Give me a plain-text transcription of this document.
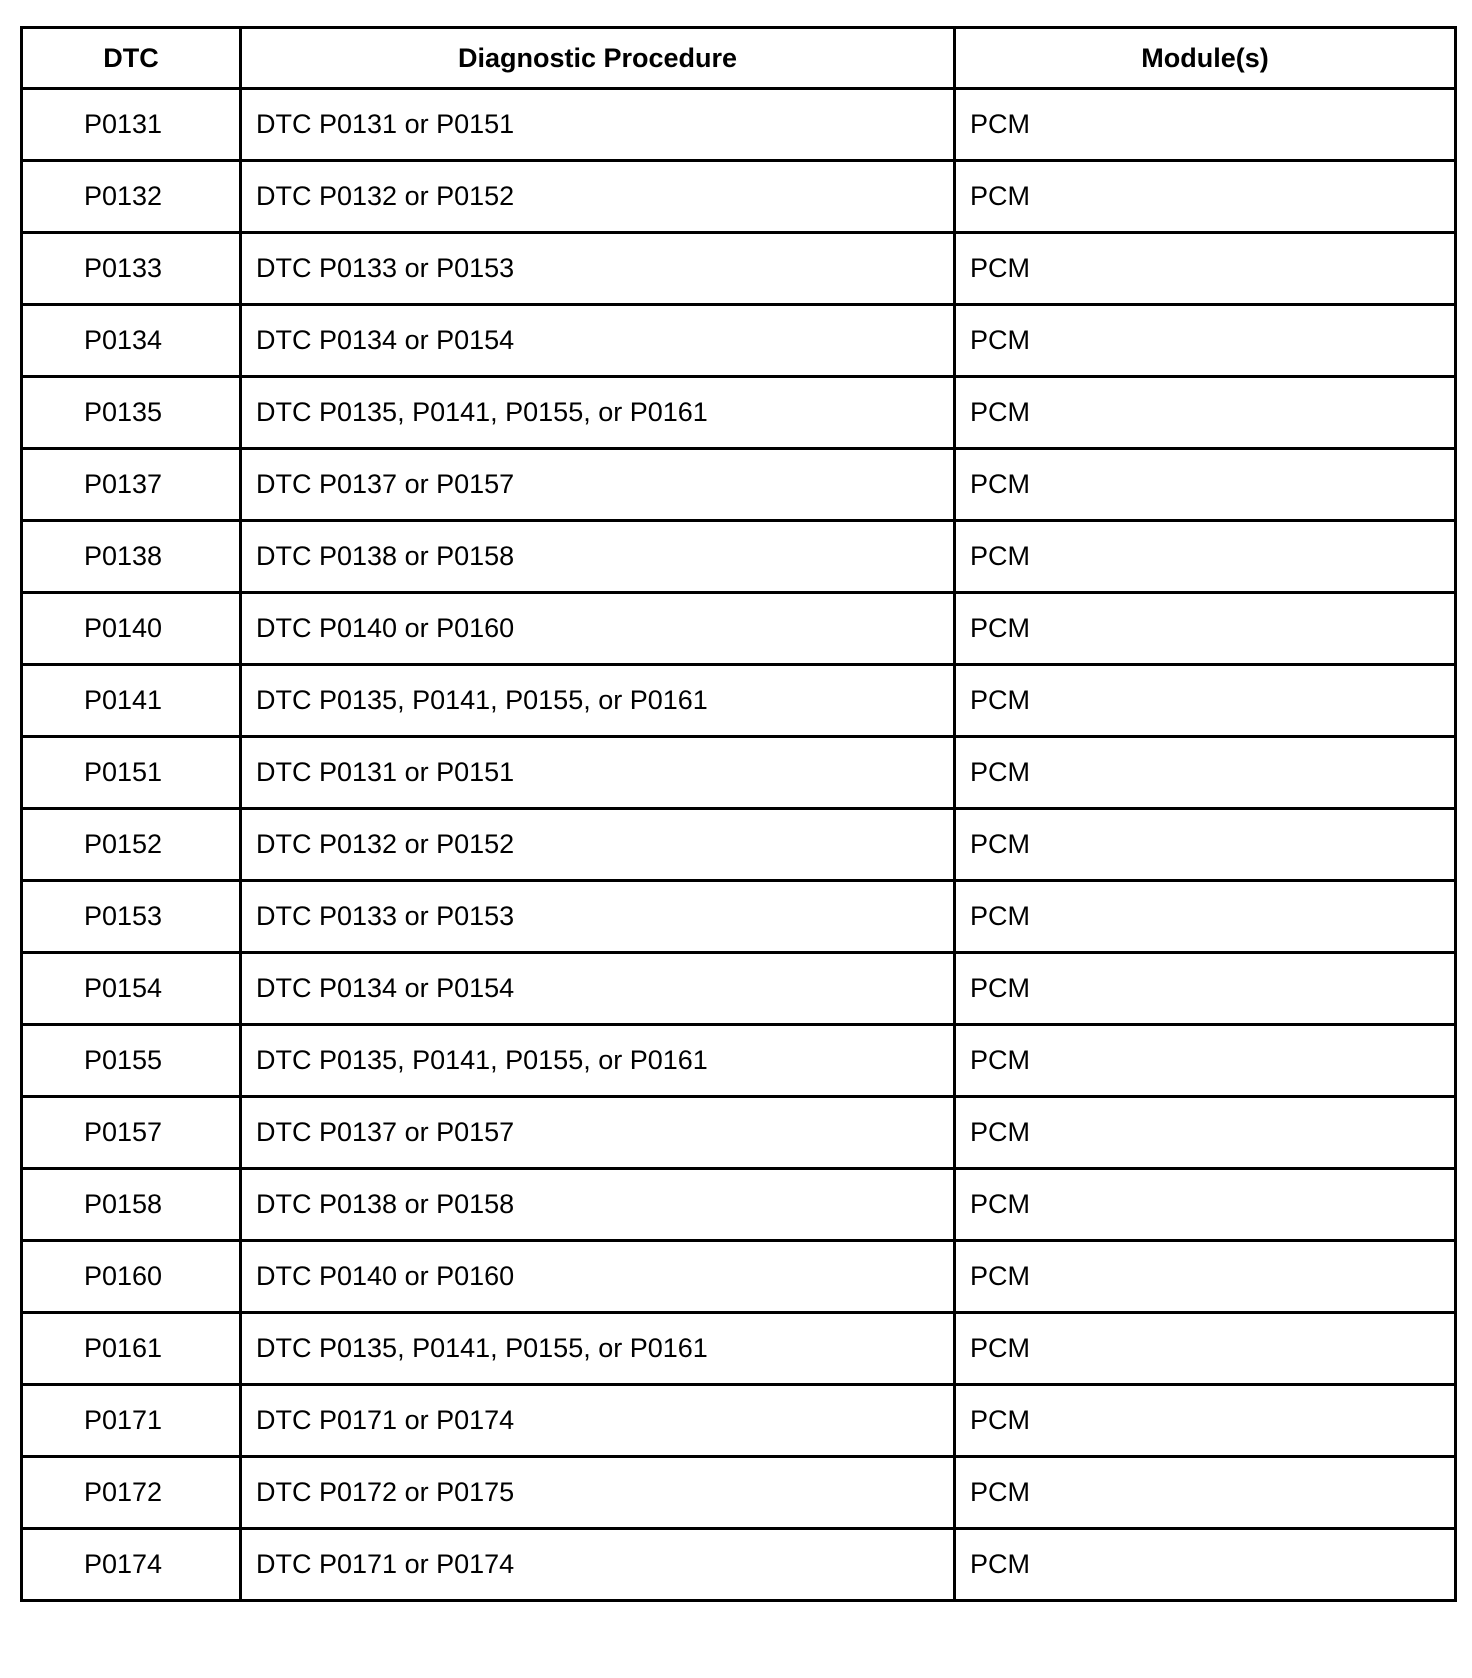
DTC	Diagnostic Procedure	Module(s)
P0131	DTC P0131 or P0151	PCM
P0132	DTC P0132 or P0152	PCM
P0133	DTC P0133 or P0153	PCM
P0134	DTC P0134 or P0154	PCM
P0135	DTC P0135, P0141, P0155, or P0161	PCM
P0137	DTC P0137 or P0157	PCM
P0138	DTC P0138 or P0158	PCM
P0140	DTC P0140 or P0160	PCM
P0141	DTC P0135, P0141, P0155, or P0161	PCM
P0151	DTC P0131 or P0151	PCM
P0152	DTC P0132 or P0152	PCM
P0153	DTC P0133 or P0153	PCM
P0154	DTC P0134 or P0154	PCM
P0155	DTC P0135, P0141, P0155, or P0161	PCM
P0157	DTC P0137 or P0157	PCM
P0158	DTC P0138 or P0158	PCM
P0160	DTC P0140 or P0160	PCM
P0161	DTC P0135, P0141, P0155, or P0161	PCM
P0171	DTC P0171 or P0174	PCM
P0172	DTC P0172 or P0175	PCM
P0174	DTC P0171 or P0174	PCM
